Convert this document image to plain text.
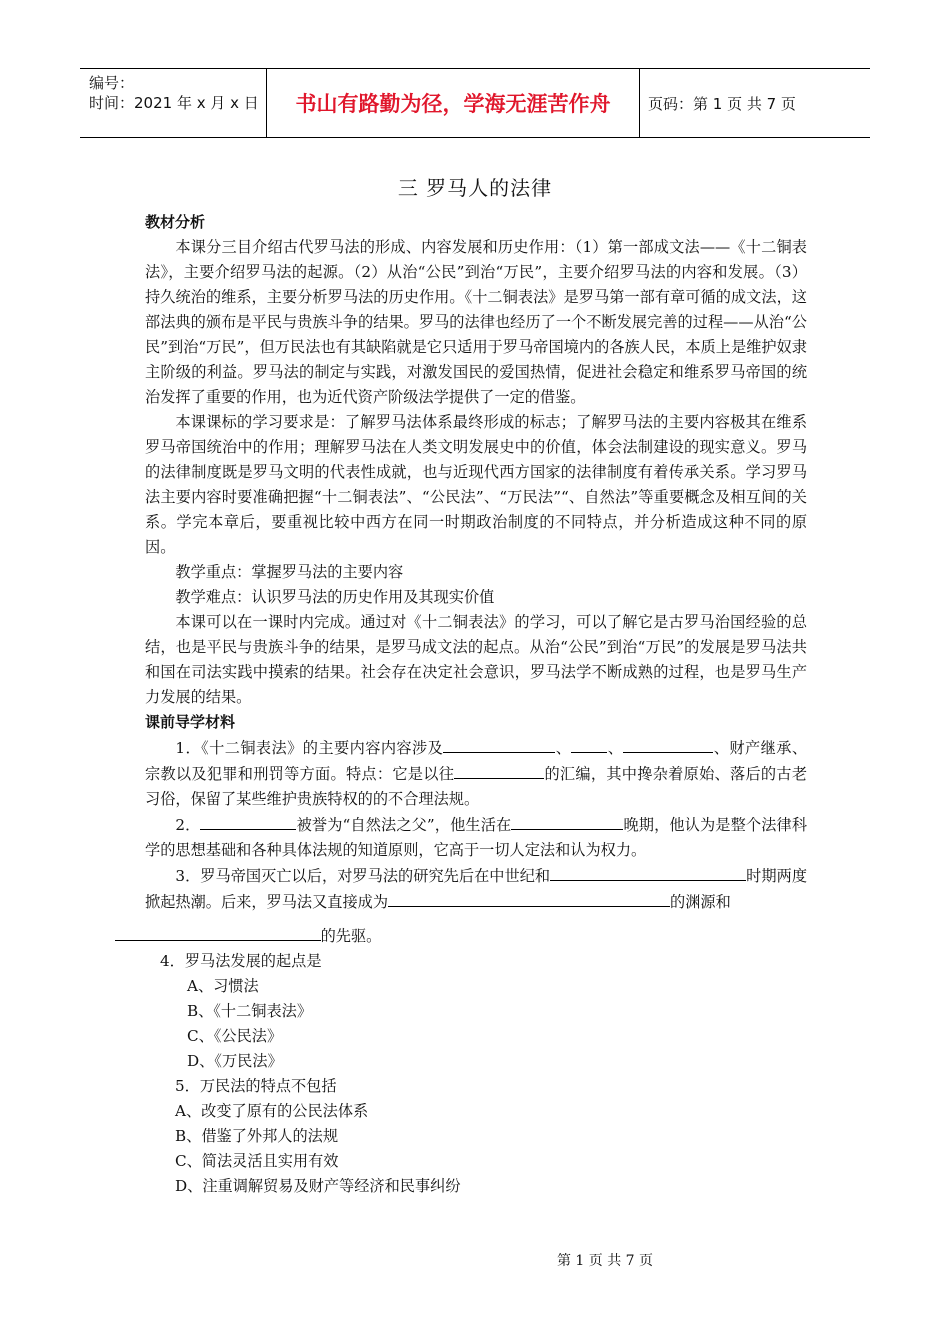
编号：
时间：2021 年 x 月 x 日	书山有路勤为径，学海无涯苦作舟	页码：第 1 页 共 7 页
三 罗马人的法律
教材分析

本课分三目介绍古代罗马法的形成、内容发展和历史作用：（1）第一部成文法——《十二铜表法》，主要介绍罗马法的起源。（2）从治“公民”到治“万民”，主要介绍罗马法的内容和发展。（3）持久统治的维系，主要分析罗马法的历史作用。《十二铜表法》是罗马第一部有章可循的成文法，这部法典的颁布是平民与贵族斗争的结果。罗马的法律也经历了一个不断发展完善的过程——从治“公民”到治“万民”，但万民法也有其缺陷就是它只适用于罗马帝国境内的各族人民，本质上是维护奴隶主阶级的利益。罗马法的制定与实践，对激发国民的爱国热情，促进社会稳定和维系罗马帝国的统治发挥了重要的作用，也为近代资产阶级法学提供了一定的借鉴。

本课课标的学习要求是：了解罗马法体系最终形成的标志；了解罗马法的主要内容极其在维系罗马帝国统治中的作用；理解罗马法在人类文明发展史中的价值，体会法制建设的现实意义。罗马的法律制度既是罗马文明的代表性成就，也与近现代西方国家的法律制度有着传承关系。学习罗马法主要内容时要准确把握“十二铜表法”、“公民法”、“万民法”“、自然法”等重要概念及相互间的关系。学完本章后，要重视比较中西方在同一时期政治制度的不同特点，并分析造成这种不同的原因。

教学重点：掌握罗马法的主要内容

教学难点：认识罗马法的历史作用及其现实价值

本课可以在一课时内完成。通过对《十二铜表法》的学习，可以了解它是古罗马治国经验的总结，也是平民与贵族斗争的结果，是罗马成文法的起点。从治“公民”到治“万民”的发展是罗马法共和国在司法实践中摸索的结果。社会存在决定社会意识，罗马法学不断成熟的过程，也是罗马生产力发展的结果。

课前导学材料

1．《十二铜表法》的主要内容内容涉及	、 、	、财产继承、宗教以及犯罪和刑罚等方面。特点：它是以往	的汇编，其中搀杂着原始、落后的古老习俗，保留了某些维护贵族特权的的不合理法规。

2．	被誉为“自然法之父”，他生活在	晚期，他认为是整个法律科学的思想基础和各种具体法规的知道原则，它高于一切人定法和认为权力。

3．罗马帝国灭亡以后，对罗马法的研究先后在中世纪和	时期两度掀起热潮。后来，罗马法又直接成为	的渊源和
的先驱。

4．罗马法发展的起点是

A、习惯法

B、《十二铜表法》

C、《公民法》

D、《万民法》

5．万民法的特点不包括

A、改变了原有的公民法体系

B、借鉴了外邦人的法规

C、简法灵活且实用有效

D、注重调解贸易及财产等经济和民事纠纷

第 1 页 共 7 页
